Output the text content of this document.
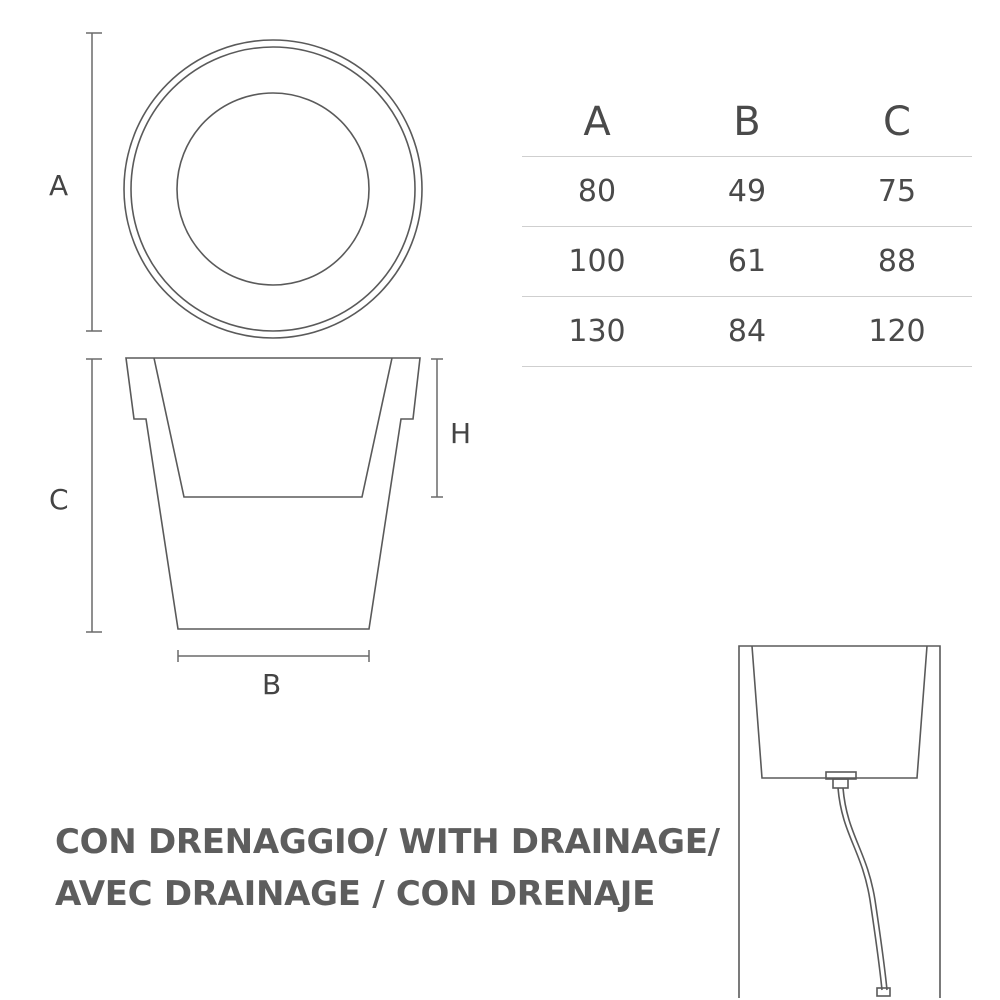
A
C
H
B
A	B	C
80	49	75
100	61	88
130	84	120
CON DRENAGGIO/ WITH DRAINAGE/
AVEC DRAINAGE / CON DRENAJE
